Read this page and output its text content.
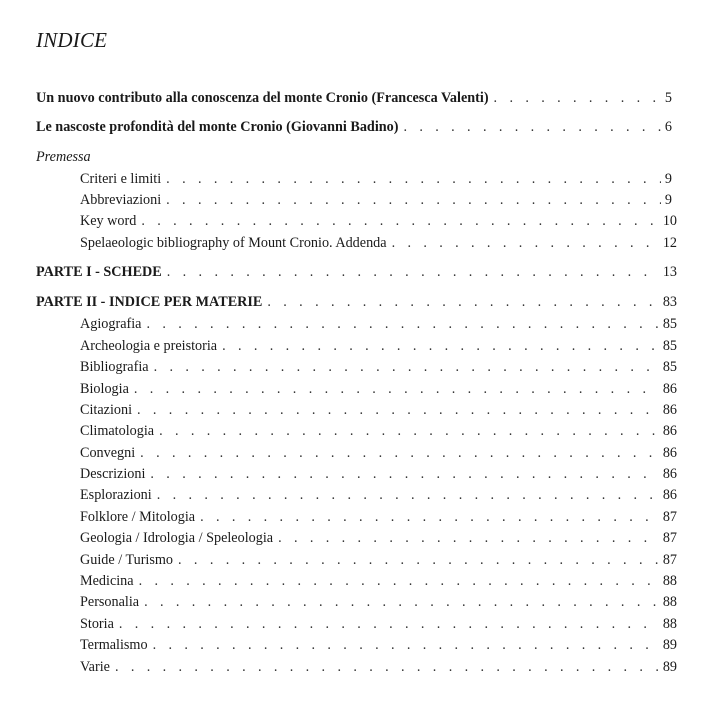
INDICE
Un nuovo contributo alla conoscenza del monte Cronio (Francesca Valenti) . . .	5
Le nascoste profondità del monte Cronio (Giovanni Badino) . . .	6
Premessa
Criteri e limiti . . .	9
Abbreviazioni . . .	9
Key word . . .	10
Spelaeologic bibliography of Mount Cronio. Addenda . . .	12
PARTE I - SCHEDE . . .	13
PARTE II - INDICE PER MATERIE . . .	83
Agiografia . . .	85
Archeologia e preistoria . . .	85
Bibliografia . . .	85
Biologia . . .	86
Citazioni . . .	86
Climatologia . . .	86
Convegni . . .	86
Descrizioni . . .	86
Esplorazioni . . .	86
Folklore / Mitologia . . .	87
Geologia / Idrologia / Speleologia . . .	87
Guide / Turismo . . .	87
Medicina . . .	88
Personalia . . .	88
Storia . . .	88
Termalismo . . .	89
Varie . . .	89
